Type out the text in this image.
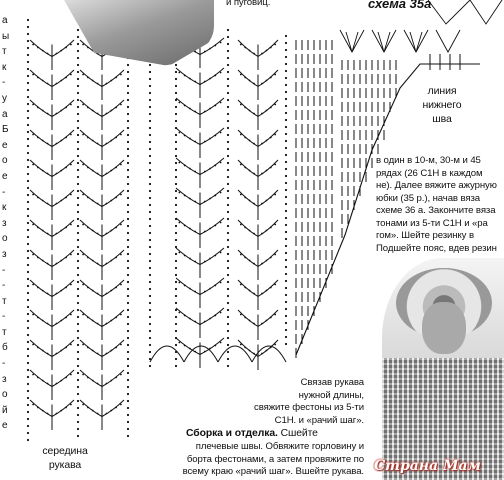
и пуговиц.	схема 35а
а
ы
т
к
-
у
а
Б
е
о
е
-
к
з
о
з
-
-
т
-
т
б
-
з
о
й
е
линия
нижнего
шва
в один в 10-м, 30-м и 45
рядах (26 С1Н в каждом
не). Далее вяжите ажурную
юбки (35 р.), начав вяза
схеме 36 а. Закончите вяза
тонами из 5-ти С1Н и «ра
гом». Шейте резинку в
Подшейте пояс, вдев резин
Страна Мам
Связав рукава
нужной длины,
свяжите фестоны из 5-ти
С1Н. и «рачий шаг».
Сборка и отделка. Сшейте
плечевые швы. Обвяжите горловину и
борта фестонами, а затем провяжите по
всему краю «рачий шаг». Вшейте рукава.
середина
рукава
